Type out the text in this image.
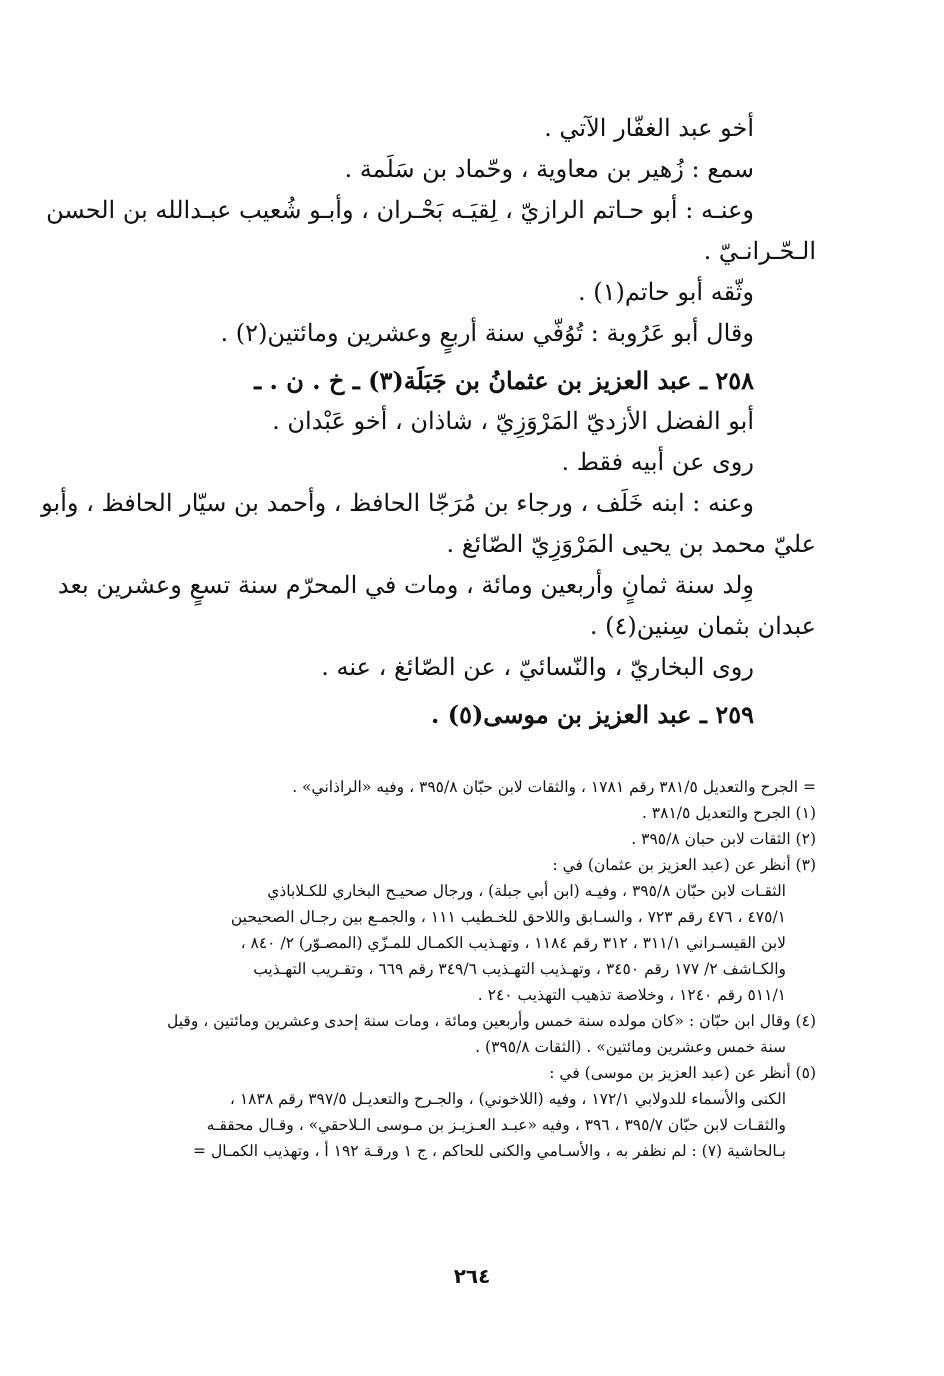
أخو عبد الغفّار الآتي .
سمع : زُهير بن معاوية ، وحّماد بن سَلَمة .
وعنـه : أبو حـاتم الرازيّ ، لِقيَـه بَحْـران ، وأبـو شُعيب عبـدالله بن الحسن
الـحّـرانـيّ .
وثّقه أبو حاتم(١) .
وقال أبو عَرُوبة : تُوُفّي سنة أربعٍ وعشرين ومائتين(٢) .
٢٥٨ ـ عبد العزيز بن عثمانُ بن جَبَلَة(٣) ـ خ . ن . ـ
أبو الفضل الأزديّ المَرْوَزِيّ ، شاذان ، أخو عَبْدان .
روى عن أبيه فقط .
وعنه : ابنه خَلَف ، ورجاء بن مُرَجّا الحافظ ، وأحمد بن سيّار الحافظ ، وأبو
عليّ محمد بن يحيى المَرْوَزِيّ الصّائغ .
وِلد سنة ثمانٍ وأربعين ومائة ، ومات في المحرّم سنة تسعٍ وعشرين بعد
عبدان بثمان سِنين(٤) .
روى البخاريّ ، والنّسائيّ ، عن الصّائغ ، عنه .
٢٥٩ ـ عبد العزيز بن موسى(٥) .
= الجرح والتعديل ٣٨١/٥ رقم ١٧٨١ ، والثقات لابن حبّان ٣٩٥/٨ ، وفيه «الراذاني» .
(١) الجرح والتعديل ٣٨١/٥ .
(٢) الثقات لابن حبان ٣٩٥/٨ .
(٣) أنظر عن (عبد العزيز بن عثمان) في :
الثقـات لابن حبّان ٣٩٥/٨ ، وفيـه (ابن أبي جبلة) ، ورجال صحيـح البخاري للكـلاباذي
٤٧٥/١ ، ٤٧٦ رقم ٧٢٣ ، والسـابق واللاحق للخـطيب ١١١ ، والجمـع بين رجـال الصحيحين
لابن القيسـراني ٣١١/١ ، ٣١٢ رقم ١١٨٤ ، وتهـذيب الكمـال للمـزّي (المصـوّر) ٢/ ٨٤٠ ،
والكـاشف ٢/ ١٧٧ رقم ٣٤٥٠ ، وتهـذيب التهـذيب ٣٤٩/٦ رقم ٦٦٩ ، وتقـريب التهـذيب
٥١١/١ رقم ١٢٤٠ ، وخلاصة تذهيب التهذيب ٢٤٠ .
(٤) وقال ابن حبّان : «كان مولده سنة خمس وأربعين ومائة ، ومات سنة إحدى وعشرين ومائتين ، وقيل
سنة خمس وعشرين ومائتين» . (الثقات ٣٩٥/٨) .
(٥) أنظر عن (عبد العزيز بن موسى) في :
الكنى والأسماء للدولابي ١٧٢/١ ، وفيه (اللاخوني) ، والجـرح والتعديـل ٣٩٧/٥ رقم ١٨٣٨ ،
والثقـات لابن حبّان ٣٩٥/٧ ، ٣٩٦ ، وفيه «عبـد العـزيـز بن مـوسى الـلاحقي» ، وقـال محققـه
بـالحاشية (٧) : لم نظفر به ، والأسـامي والكنى للحاكم ، ج ١ ورقـة ١٩٢ أ ، وتهذيب الكمـال =
٢٦٤
